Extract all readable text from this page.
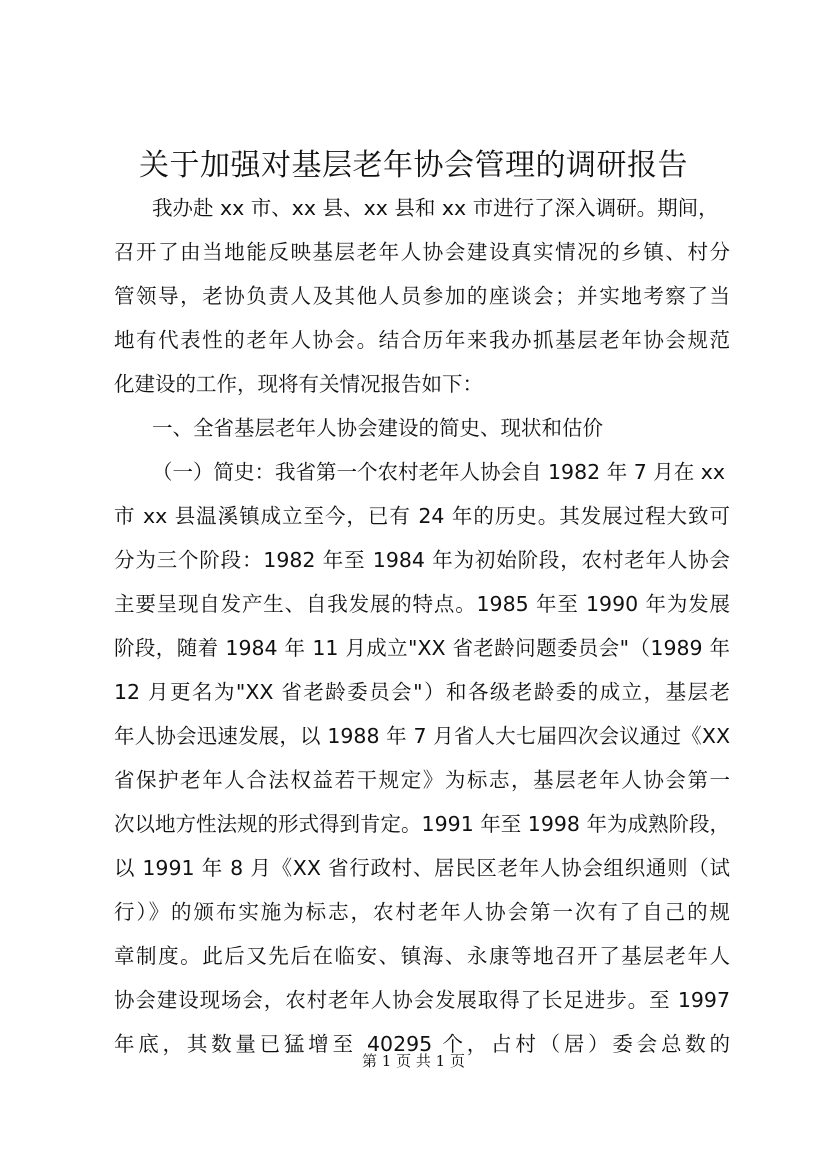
关于加强对基层老年协会管理的调研报告
我办赴 xx 市、xx 县、xx 县和 xx 市进行了深入调研。期间，
召开了由当地能反映基层老年人协会建设真实情况的乡镇、村分
管领导，老协负责人及其他人员参加的座谈会；并实地考察了当
地有代表性的老年人协会。结合历年来我办抓基层老年协会规范
化建设的工作，现将有关情况报告如下：
一、全省基层老年人协会建设的简史、现状和估价
（一）简史：我省第一个农村老年人协会自 1982 年 7 月在 xx
市 xx 县温溪镇成立至今，已有 24 年的历史。其发展过程大致可
分为三个阶段：1982 年至 1984 年为初始阶段，农村老年人协会
主要呈现自发产生、自我发展的特点。1985 年至 1990 年为发展
阶段，随着 1984 年 11 月成立"XX 省老龄问题委员会"（1989 年
12 月更名为"XX 省老龄委员会"）和各级老龄委的成立，基层老
年人协会迅速发展，以 1988 年 7 月省人大七届四次会议通过《XX
省保护老年人合法权益若干规定》为标志，基层老年人协会第一
次以地方性法规的形式得到肯定。1991 年至 1998 年为成熟阶段，
以 1991 年 8 月《XX 省行政村、居民区老年人协会组织通则（试
行）》的颁布实施为标志，农村老年人协会第一次有了自己的规
章制度。此后又先后在临安、镇海、永康等地召开了基层老年人
协会建设现场会，农村老年人协会发展取得了长足进步。至 1997
年底，其数量已猛增至 40295 个，占村（居）委会总数的
第 1 页 共 1 页
